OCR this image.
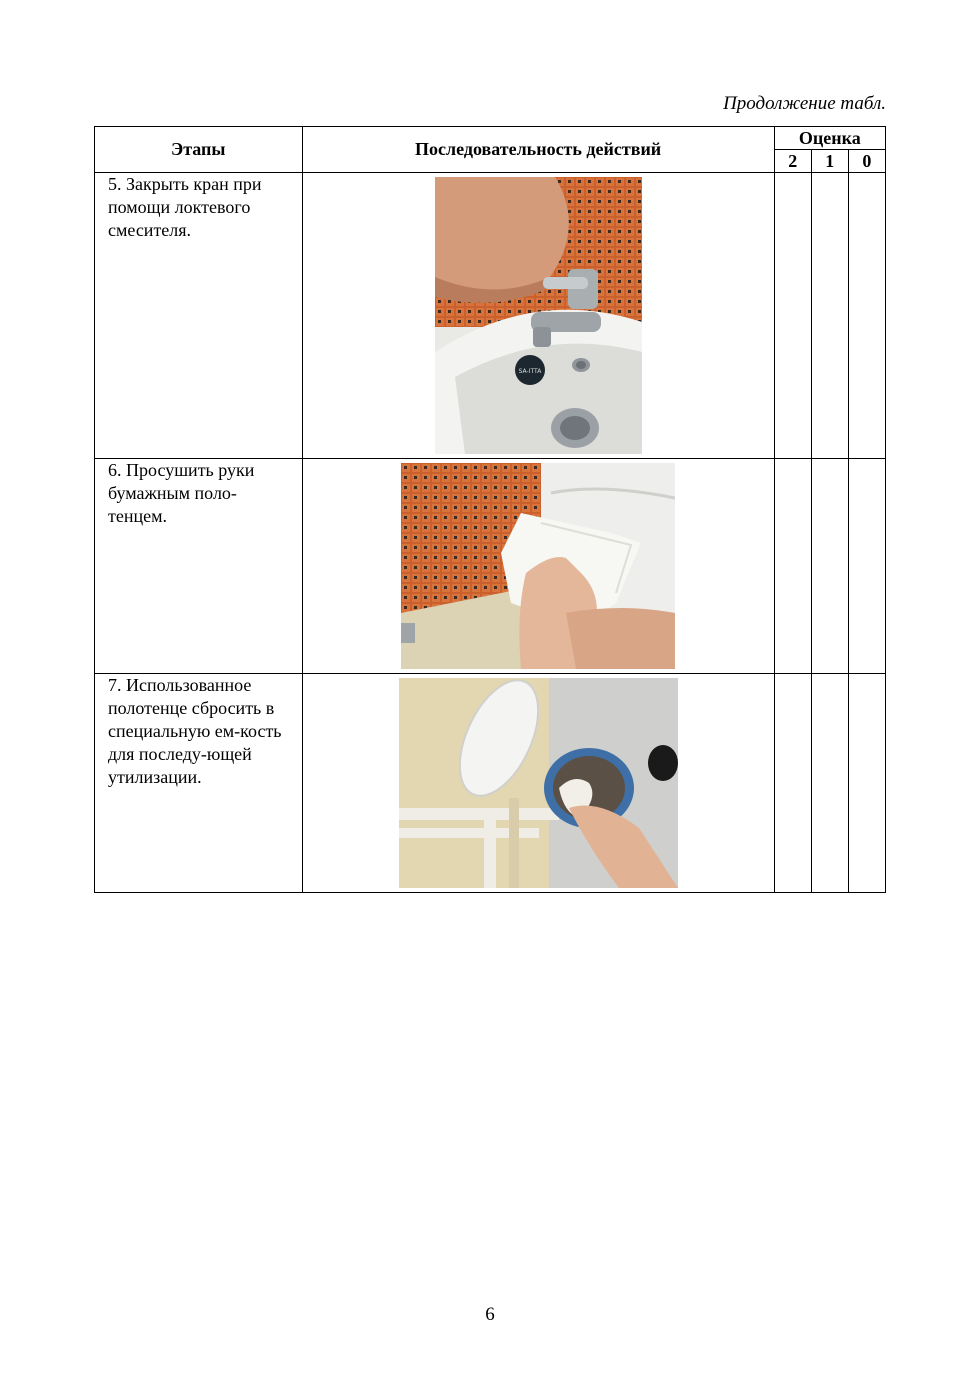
Продолжение табл.
Этапы	Последовательность действий	Оценка		
		2	1	0
5. Закрыть кран при помощи локтевого смесителя.	SA-ITTA			

6. Просушить руки бумажным поло-тенцем.	

7. Использованное полотенце сбросить в специальную ем-кость для последу-ющей утилизации.	

6
